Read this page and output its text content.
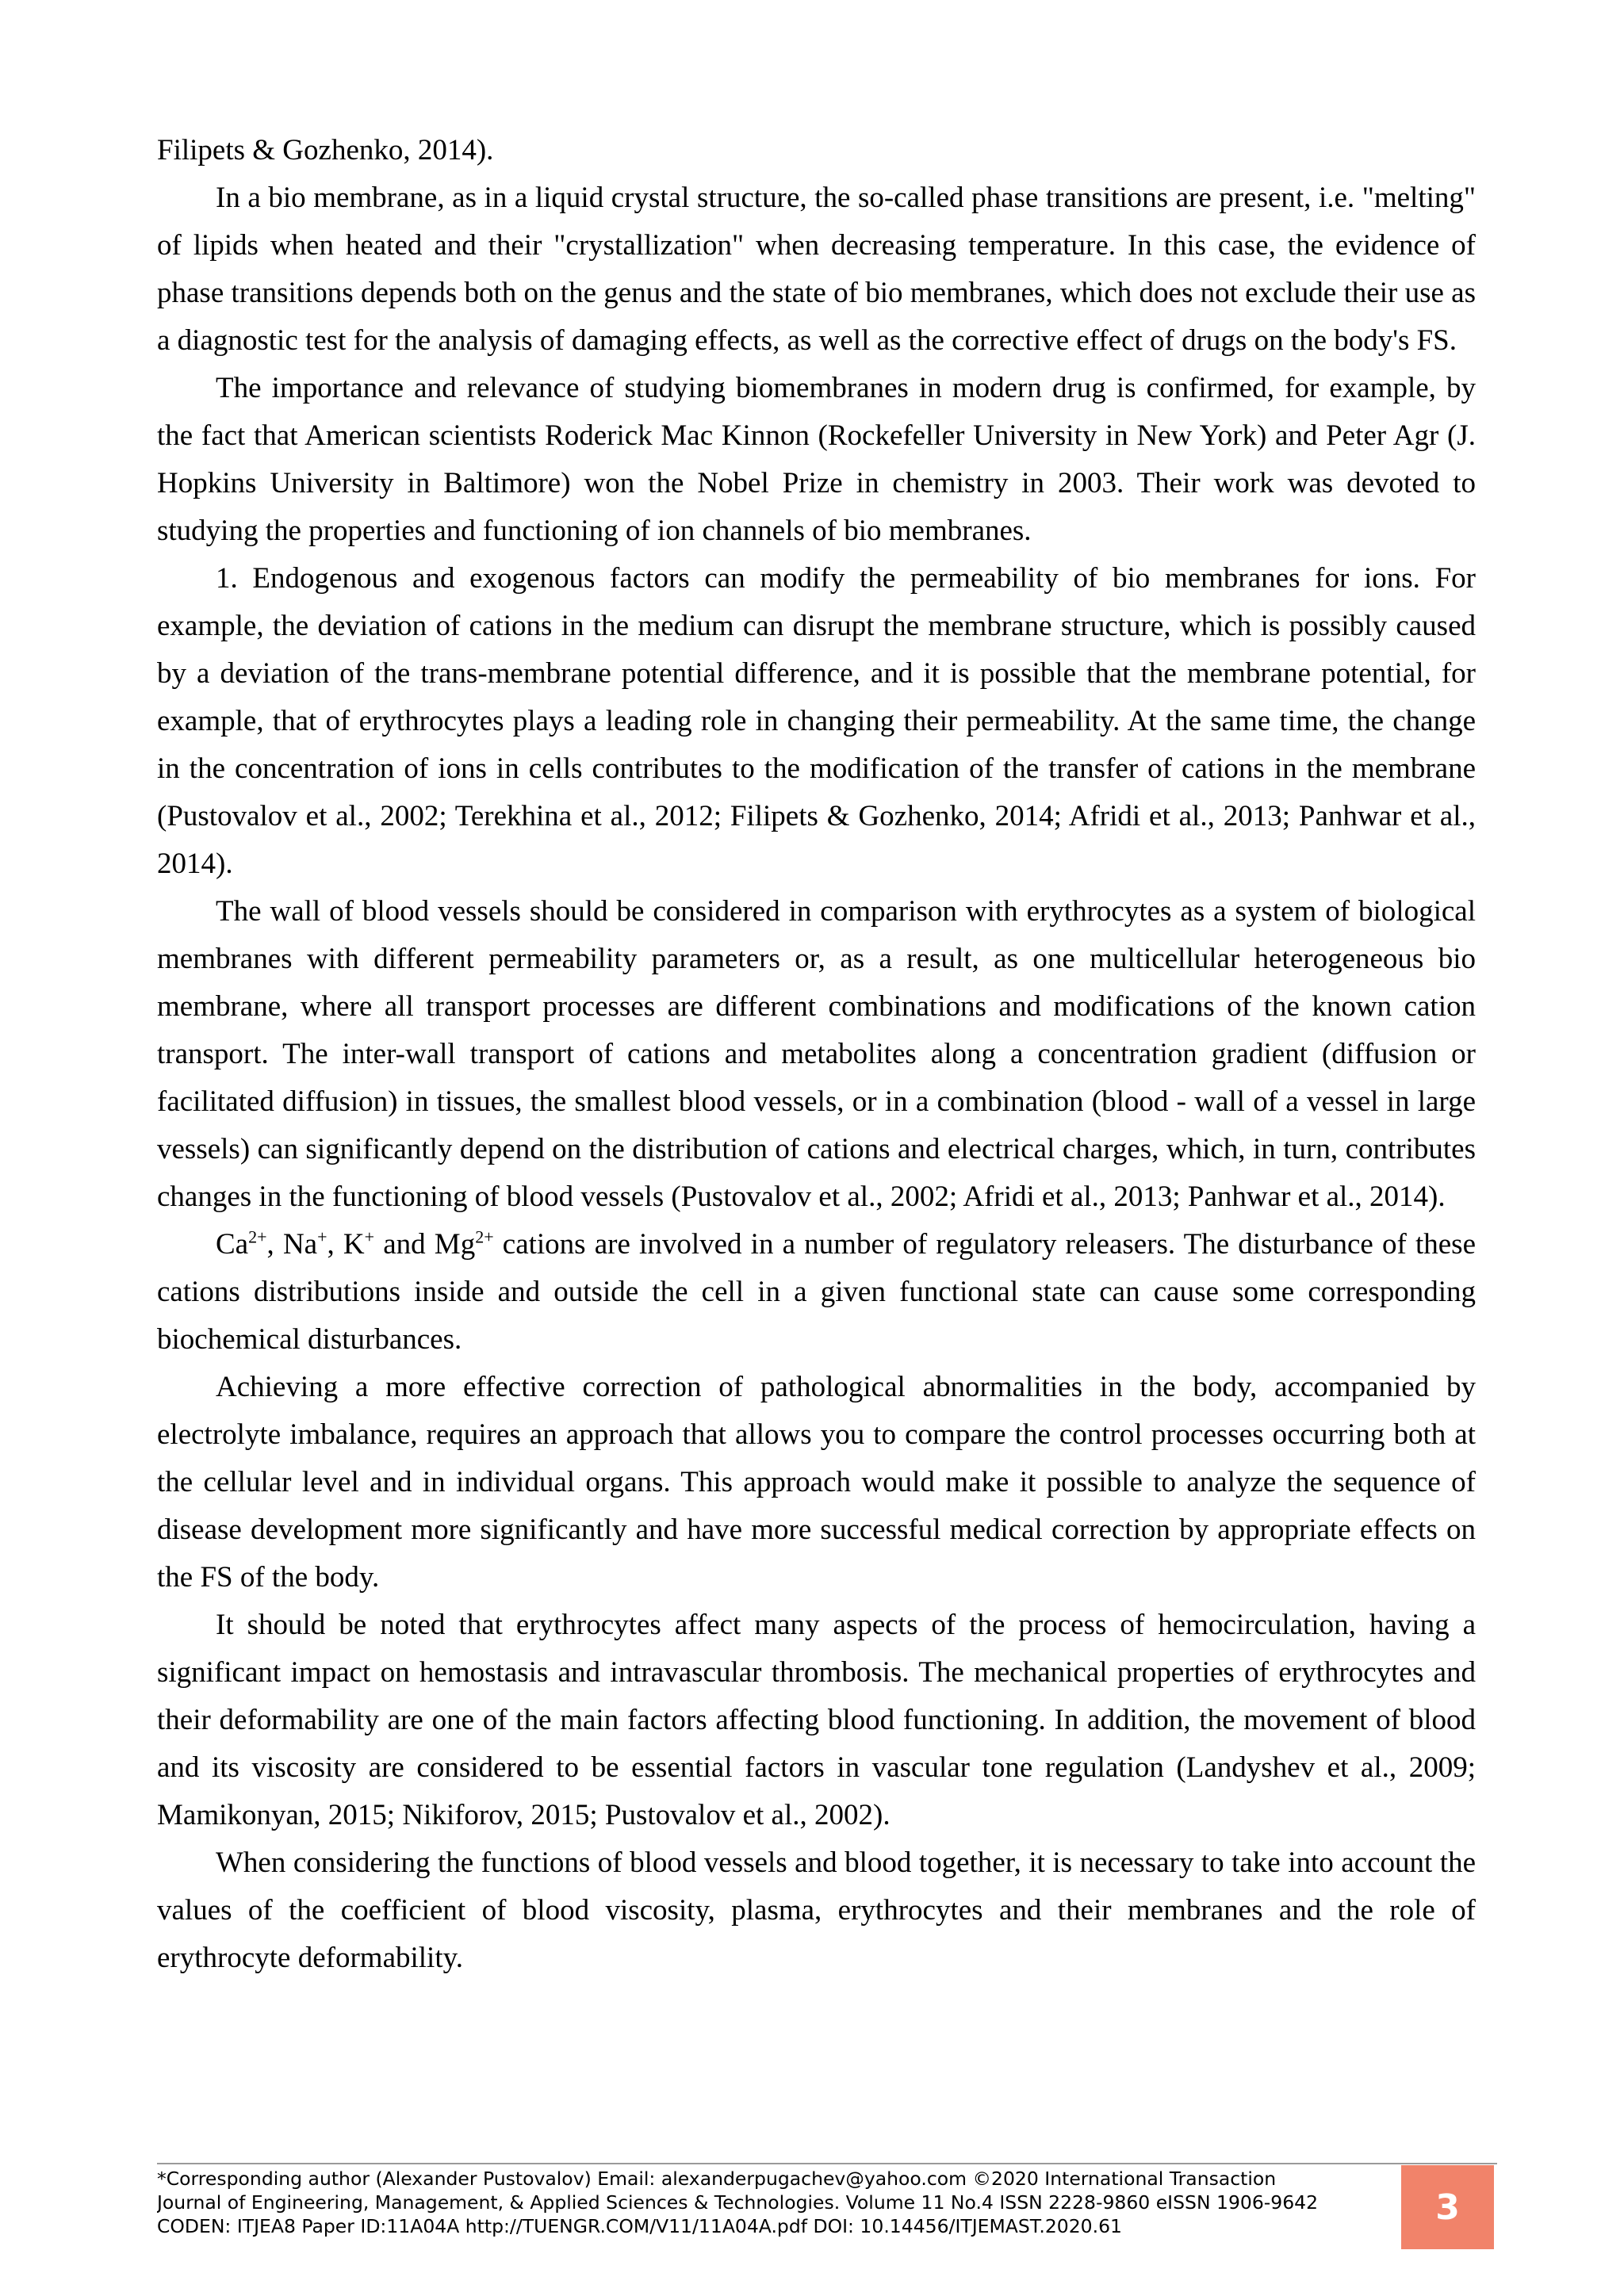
Filipets & Gozhenko, 2014).

In a bio membrane, as in a liquid crystal structure, the so-called phase transitions are present, i.e. "melting" of lipids when heated and their "crystallization" when decreasing temperature. In this case, the evidence of phase transitions depends both on the genus and the state of bio membranes, which does not exclude their use as a diagnostic test for the analysis of damaging effects, as well as the corrective effect of drugs on the body's FS.

The importance and relevance of studying biomembranes in modern drug is confirmed, for example, by the fact that American scientists Roderick Mac Kinnon (Rockefeller University in New York) and Peter Agr (J. Hopkins University in Baltimore) won the Nobel Prize in chemistry in 2003. Their work was devoted to studying the properties and functioning of ion channels of bio membranes.

1. Endogenous and exogenous factors can modify the permeability of bio membranes for ions. For example, the deviation of cations in the medium can disrupt the membrane structure, which is possibly caused by a deviation of the trans-membrane potential difference, and it is possible that the membrane potential, for example, that of erythrocytes plays a leading role in changing their permeability. At the same time, the change in the concentration of ions in cells contributes to the modification of the transfer of cations in the membrane (Pustovalov et al., 2002; Terekhina et al., 2012; Filipets & Gozhenko, 2014; Afridi et al., 2013; Panhwar et al., 2014).

The wall of blood vessels should be considered in comparison with erythrocytes as a system of biological membranes with different permeability parameters or, as a result, as one multicellular heterogeneous bio membrane, where all transport processes are different combinations and modifications of the known cation transport. The inter-wall transport of cations and metabolites along a concentration gradient (diffusion or facilitated diffusion) in tissues, the smallest blood vessels, or in a combination (blood - wall of a vessel in large vessels) can significantly depend on the distribution of cations and electrical charges, which, in turn, contributes changes in the functioning of blood vessels (Pustovalov et al., 2002; Afridi et al., 2013; Panhwar et al., 2014).

$Ca^{2+}$, Na+, K+ and $Mg^{2+}$ cations are involved in a number of regulatory releasers. The disturbance of these cations distributions inside and outside the cell in a given functional state can cause some corresponding biochemical disturbances.

Achieving a more effective correction of pathological abnormalities in the body, accompanied by electrolyte imbalance, requires an approach that allows you to compare the control processes occurring both at the cellular level and in individual organs. This approach would make it possible to analyze the sequence of disease development more significantly and have more successful medical correction by appropriate effects on the FS of the body.

It should be noted that erythrocytes affect many aspects of the process of hemocirculation, having a significant impact on hemostasis and intravascular thrombosis. The mechanical properties of erythrocytes and their deformability are one of the main factors affecting blood functioning. In addition, the movement of blood and its viscosity are considered to be essential factors in vascular tone regulation (Landyshev et al., 2009; Mamikonyan, 2015; Nikiforov, 2015; Pustovalov et al., 2002).

When considering the functions of blood vessels and blood together, it is necessary to take into account the values of the coefficient of blood viscosity, plasma, erythrocytes and their membranes and the role of erythrocyte deformability.

*Corresponding author (Alexander Pustovalov) Email: alexanderpugachev@yahoo.com ©2020 International Transaction
Journal of Engineering, Management, & Applied Sciences & Technologies. Volume 11 No.4 ISSN 2228-9860 eISSN 1906-9642
CODEN: ITJEA8 Paper ID:11A04A http://TUENGR.COM/V11/11A04A.pdf DOI: 10.14456/ITJEMAST.2020.61	3
